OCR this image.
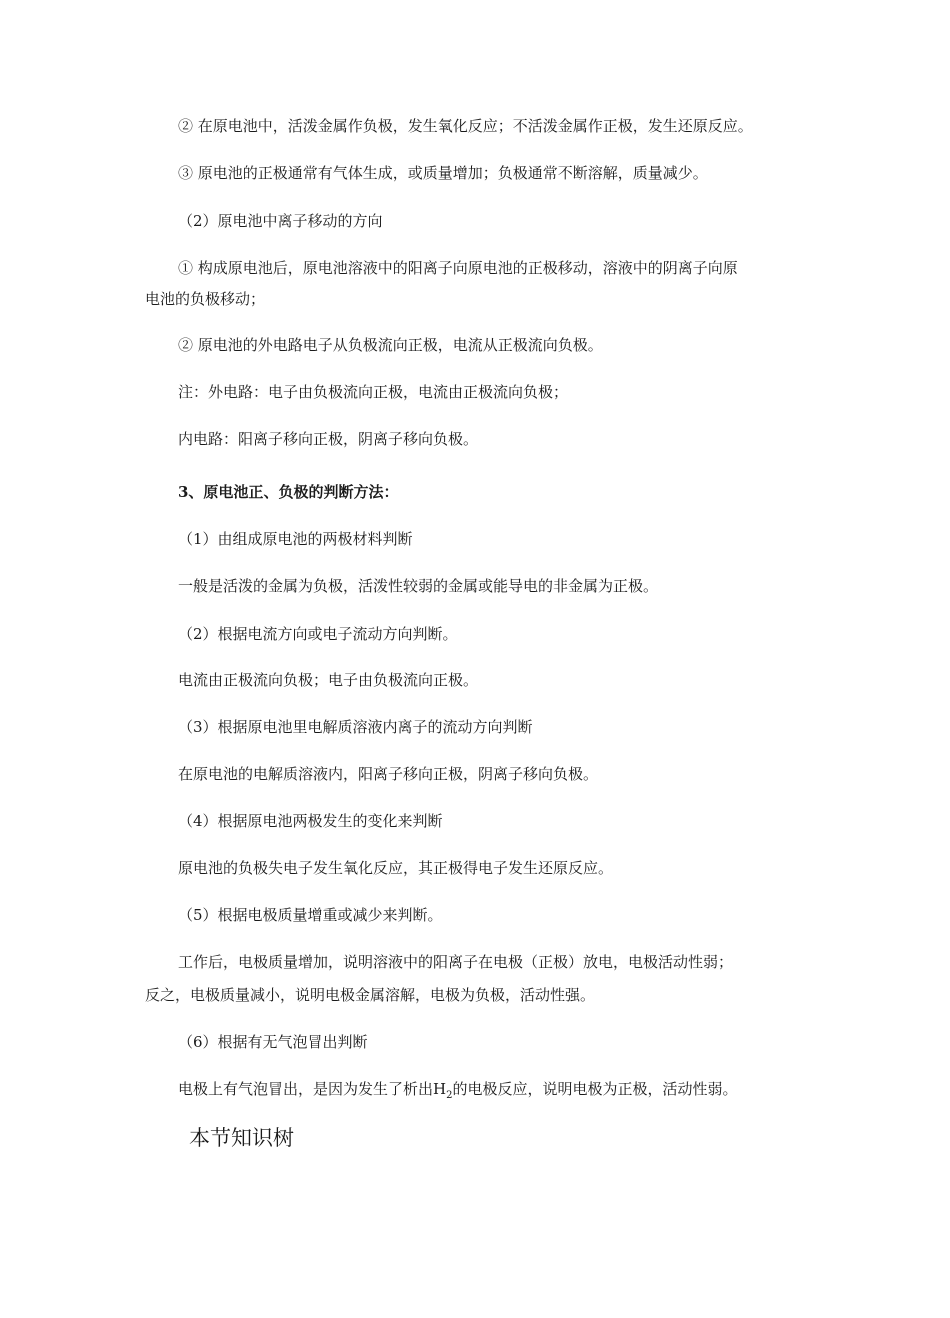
② 在原电池中，活泼金属作负极，发生氧化反应；不活泼金属作正极，发生还原反应。

③ 原电池的正极通常有气体生成，或质量增加；负极通常不断溶解，质量减少。

（2）原电池中离子移动的方向

① 构成原电池后，原电池溶液中的阳离子向原电池的正极移动，溶液中的阴离子向原

电池的负极移动；

② 原电池的外电路电子从负极流向正极，电流从正极流向负极。

注：外电路：电子由负极流向正极，电流由正极流向负极；

内电路：阳离子移向正极，阴离子移向负极。

3、原电池正、负极的判断方法：

（1）由组成原电池的两极材料判断

一般是活泼的金属为负极，活泼性较弱的金属或能导电的非金属为正极。

（2）根据电流方向或电子流动方向判断。

电流由正极流向负极；电子由负极流向正极。

（3）根据原电池里电解质溶液内离子的流动方向判断

在原电池的电解质溶液内，阳离子移向正极，阴离子移向负极。

（4）根据原电池两极发生的变化来判断

原电池的负极失电子发生氧化反应，其正极得电子发生还原反应。

（5）根据电极质量增重或减少来判断。

工作后，电极质量增加，说明溶液中的阳离子在电极（正极）放电，电极活动性弱；

反之，电极质量减小，说明电极金属溶解，电极为负极，活动性强。

（6）根据有无气泡冒出判断

电极上有气泡冒出，是因为发生了析出$H_2$的电极反应，说明电极为正极，活动性弱。

本节知识树
